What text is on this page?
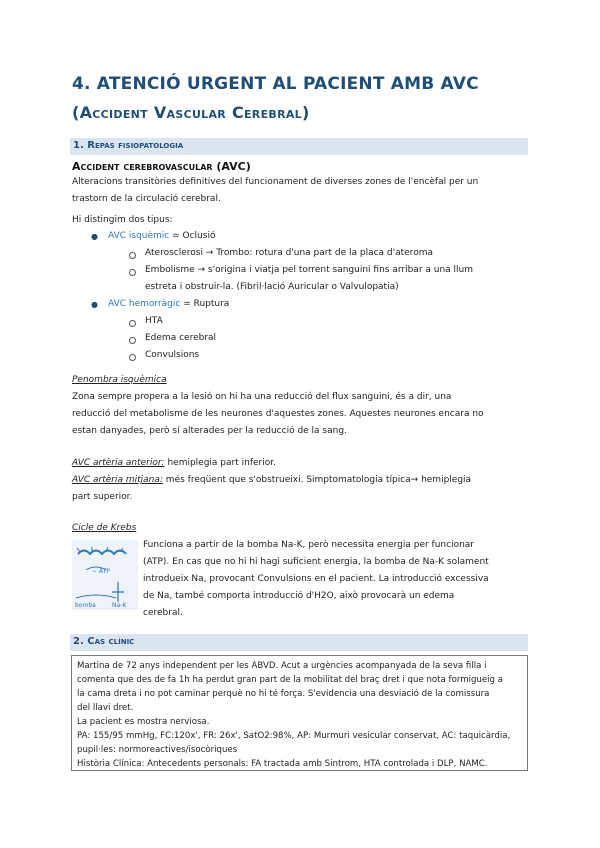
4. ATENCIÓ URGENT AL PACIENT AMB AVC
(Accident Vascular Cerebral)
1. Repàs fisiopatologia
Accident cerebrovascular (AVC)
Alteracions transitòries definitives del funcionament de diverses zones de l'encèfal per un
trastorn de la circulació cerebral.
Hi distingim dos tipus:
● AVC isquèmic = Oclusió
Aterosclerosi → Trombo: rotura d'una part de la placa d'ateroma
Embolisme → s'origina i viatja pel torrent sanguini fins arribar a una llum
estreta i obstruir-la. (Fibril·lació Auricular o Valvulopatia)
● AVC hemorràgic = Ruptura
HTA
Edema cerebral
Convulsions
Penombra isquèmica
Zona sempre propera a la lesió on hi ha una reducció del flux sanguini, és a dir, una
reducció del metabolisme de les neurones d'aquestes zones. Aquestes neurones encara no
estan danyades, però sí alterades per la reducció de la sang.
AVC artèria anterior: hemiplegia part inferior.
AVC artèria mitjana: més freqüent que s'obstrueixi. Simptomatologia típica→ hemiplegia
part superior.
Cicle de Krebs
~ ATP
bomba	Na-K
Funciona a partir de la bomba Na-K, però necessita energia per funcionar
(ATP). En cas que no hi hi hagi suficient energia, la bomba de Na-K solament
introdueix Na, provocant Convulsions en el pacient. La introducció excessiva
de Na, també comporta introducció d'H2O, això provocarà un edema
cerebral.
2. Cas clínic
Martina de 72 anys independent per les ABVD. Acut a urgències acompanyada de la seva filla i
comenta que des de fa 1h ha perdut gran part de la mobilitat del braç dret i que nota formigueig a
la cama dreta i no pot caminar perquè no hi té força. S'evidencia una desviació de la comissura
del llavi dret.
La pacient es mostra nerviosa.
PA: 155/95 mmHg, FC:120x', FR: 26x', SatO2:98%, AP: Murmuri vesicular conservat, AC: taquicàrdia,
pupil·les: normoreactives/isocòriques
Història Clínica: Antecedents personals: FA tractada amb Sintrom, HTA controlada i DLP, NAMC.
